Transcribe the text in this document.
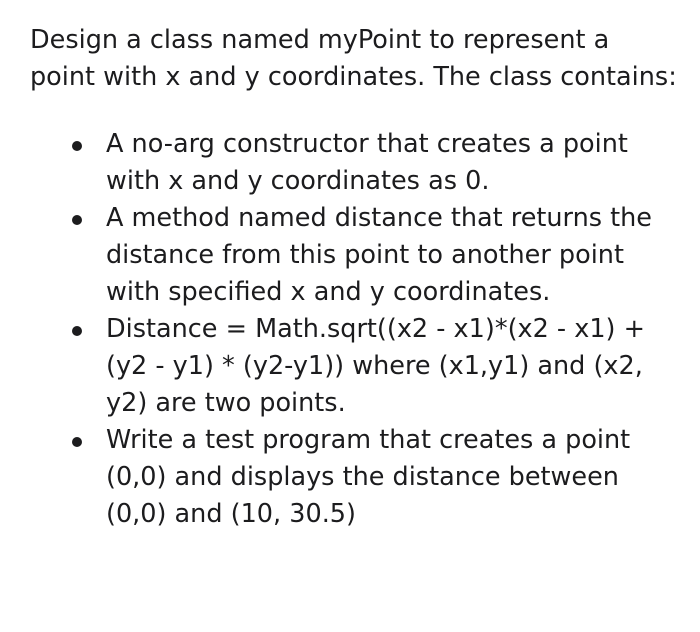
Design a class named myPoint to represent a point with x and y coordinates. The class contains:

A no-arg constructor that creates a point with x and y coordinates as 0.
A method named distance that returns the distance from this point to another point with specified x and y coordinates.
Distance = Math.sqrt((x2 - x1)*(x2 - x1) + (y2 - y1) * (y2-y1)) where (x1,y1) and (x2, y2) are two points.
Write a test program that creates a point (0,0) and displays the distance between (0,0) and (10, 30.5)
